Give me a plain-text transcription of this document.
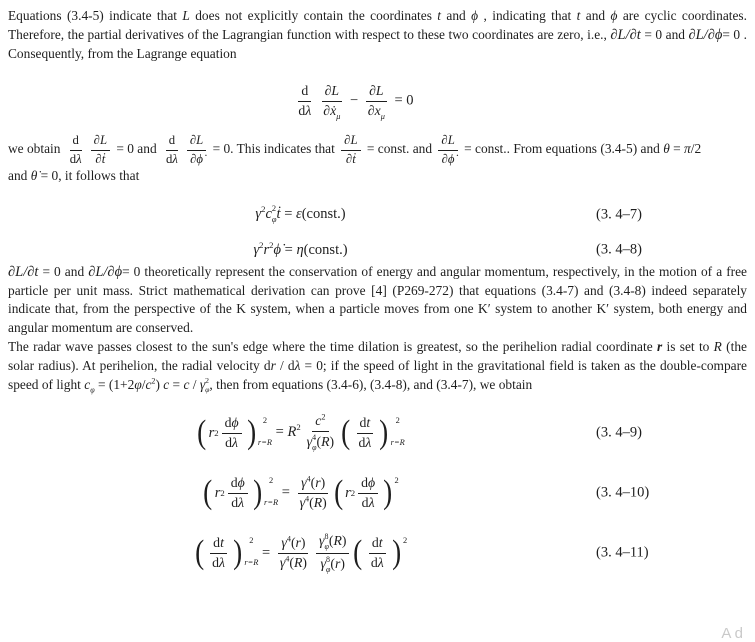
Equations (3.4-5) indicate that L does not explicitly contain the coordinates t and ϕ , indicating that t and ϕ are cyclic coordinates. Therefore, the partial derivatives of the Lagrangian function with respect to these two coordinates are zero, i.e., ∂L/∂t = 0 and ∂L/∂ϕ= 0 . Consequently, from the Lagrange equation

$\frac{d}{d\lambda} \frac{\partial L}{\partial ẋ_\mu} - \frac{\partial L}{\partial x_\mu} = 0$

we obtain $\frac{d}{d\lambda} \frac{\partial L}{\text{∂ṫ}} = 0$ and $\frac{d}{d\lambda} \frac{\partial L}{\partial\phi̇} = 0$. This indicates that $\frac{\partial L}{\text{∂ṫ}}$ = const. and $\frac{\partial L}{\partial\phi̇}$ = const.. From equations (3.4-5) and θ = π/2

and θ̇ = 0, it follows that

$\gamma^2c$ 2
φ ṫ = ε(const.)	(3. 4–7)
$\gamma^2r^2\phi̇$ = η(const.)	(3. 4–8)

∂L/∂t = 0 and ∂L/∂ϕ= 0 theoretically represent the conservation of energy and angular momentum, respectively, in the motion of a free particle per unit mass. Strict mathematical derivation can prove [4] (P269-272) that equations (3.4-7) and (3.4-8) indeed separately indicate that, from the perspective of the K system, when a particle moves from one K′ system to another K′ system, both energy and angular momentum are conserved.

The radar wave passes closest to the sun's edge where the time dilation is greatest, so the perihelion radial coordinate r is set to R (the solar radius). At perihelion, the radial velocity dr / dλ = 0; if the speed of light in the gravitational field is taken as the double-compare speed of light $c_\varphi = (1+2\varphi/c^2) c = c / \gamma$ 2
φ , then from equations (3.4-6), (3.4-8), and (3.4-7), we obtain

( r $2 \frac{d\phi}{d\lambda}$ ) 2
r=R
= $R^2$ $c^2$
γ 4
φ (R) ( $\frac{dt}{d\lambda}$ ) 2
r=R
(3. 4–9)
( r $2 \frac{d\phi}{d\lambda}$ ) 2
r=R
= $\frac{\gamma^4(r)}{\gamma^4(R)}$ ( r $2 \frac{d\phi}{d\lambda}$ ) 2
(3. 4–10)
( $\frac{dt}{d\lambda}$ ) 2
r=R
= $\frac{\gamma^4(r)}{\gamma^4(R)}$ γ 8
φ (R)
γ 8
φ (r) ( $\frac{dt}{d\lambda}$ ) 2
(3. 4–11)
A d
